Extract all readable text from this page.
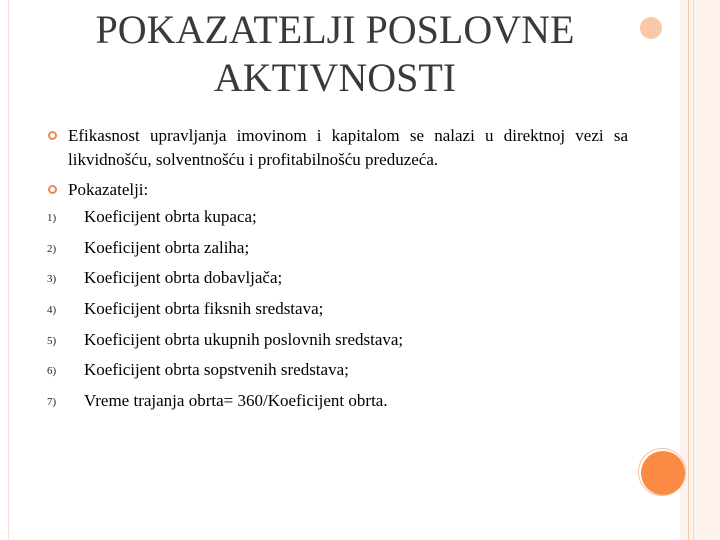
POKAZATELJI POSLOVNE
AKTIVNOSTI
Efikasnost upravljanja imovinom i kapitalom se nalazi u direktnoj vezi sa likvidnošću, solventnošću i profitabilnošću preduzeća.
Pokazatelji:
1) Koeficijent obrta kupaca;
2) Koeficijent obrta zaliha;
3) Koeficijent obrta dobavljača;
4) Koeficijent obrta fiksnih sredstava;
5) Koeficijent obrta ukupnih poslovnih sredstava;
6) Koeficijent obrta sopstvenih sredstava;
7) Vreme trajanja obrta= 360/Koeficijent obrta.
